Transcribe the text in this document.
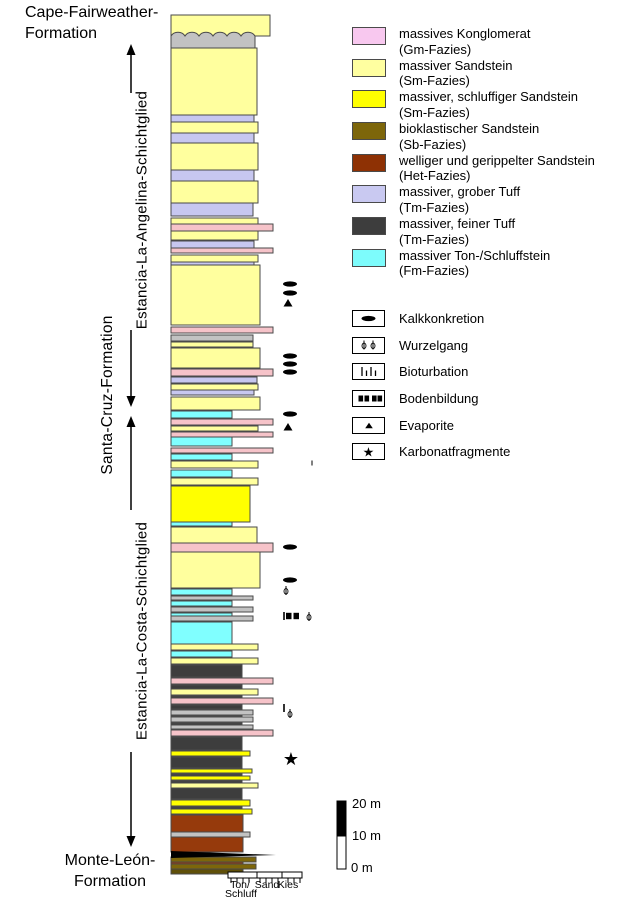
★
Cape-Fairweather-
Formation
Santa-Cruz-Formation
Estancia-La-Angelina-Schichtglied
Estancia-La-Costa-Schichtglied
Monte-León-
Formation
massives Konglomerat
(Gm-Fazies)
massiver Sandstein
(Sm-Fazies)
massiver, schluffiger Sandstein
(Sm-Fazies)
bioklastischer Sandstein
(Sb-Fazies)
welliger und gerippelter Sandstein
(Het-Fazies)
massiver, grober Tuff
(Tm-Fazies)
massiver, feiner Tuff
(Tm-Fazies)
massiver Ton-/Schluffstein
(Fm-Fazies)
Kalkkonkretion
Wurzelgang
Bioturbation
Bodenbildung
Evaporite
★ Karbonatfragmente
20 m
10 m
0 m
Ton/
Schluff
Sand
Kies
